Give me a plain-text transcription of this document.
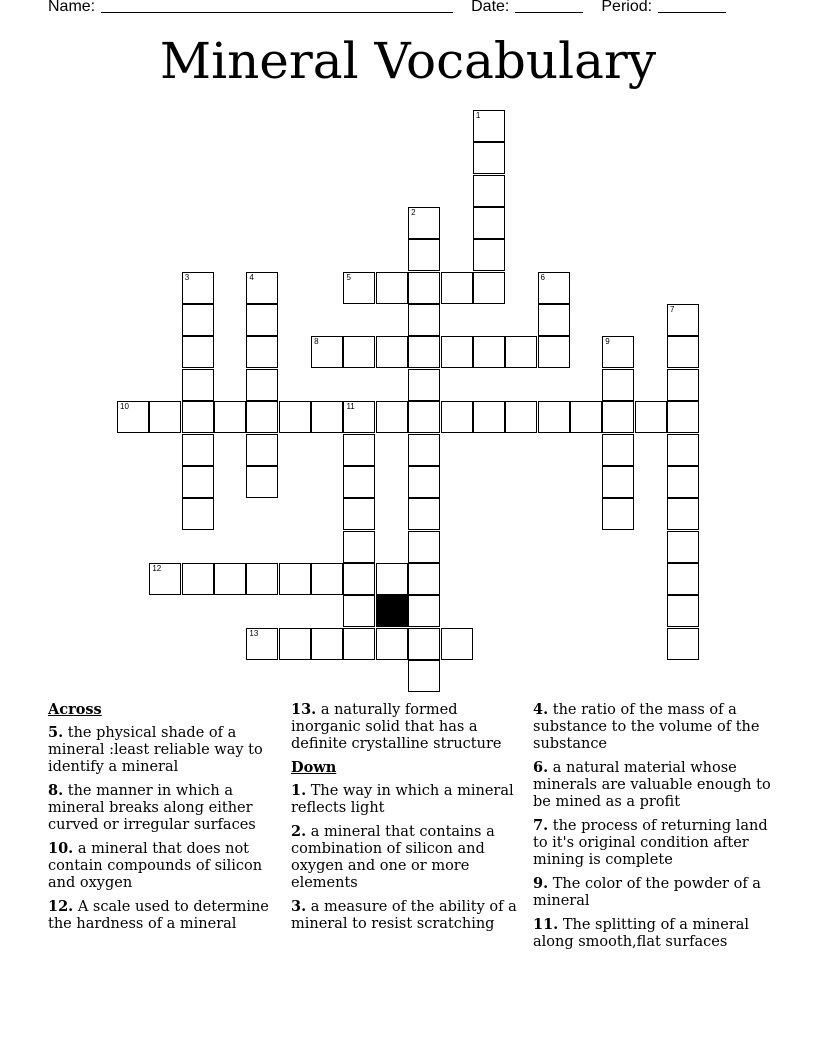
Name:	Date:	Period:
Mineral Vocabulary
1
2
3	4	5	6
7
8	9
10	11
12
13
Across
5. the physical shade of a mineral :least reliable way to identify a mineral
8. the manner in which a mineral breaks along either curved or irregular surfaces
10. a mineral that does not contain compounds of silicon and oxygen
12. A scale used to determine the hardness of a mineral
13. a naturally formed inorganic solid that has a definite crystalline structure
Down
1. The way in which a mineral reflects light
2. a mineral that contains a combination of silicon and oxygen and one or more elements
3. a measure of the ability of a mineral to resist scratching
4. the ratio of the mass of a substance to the volume of the substance
6. a natural material whose minerals are valuable enough to be mined as a profit
7. the process of returning land to it's original condition after mining is complete
9. The color of the powder of a mineral
11. The splitting of a mineral along smooth,flat surfaces
